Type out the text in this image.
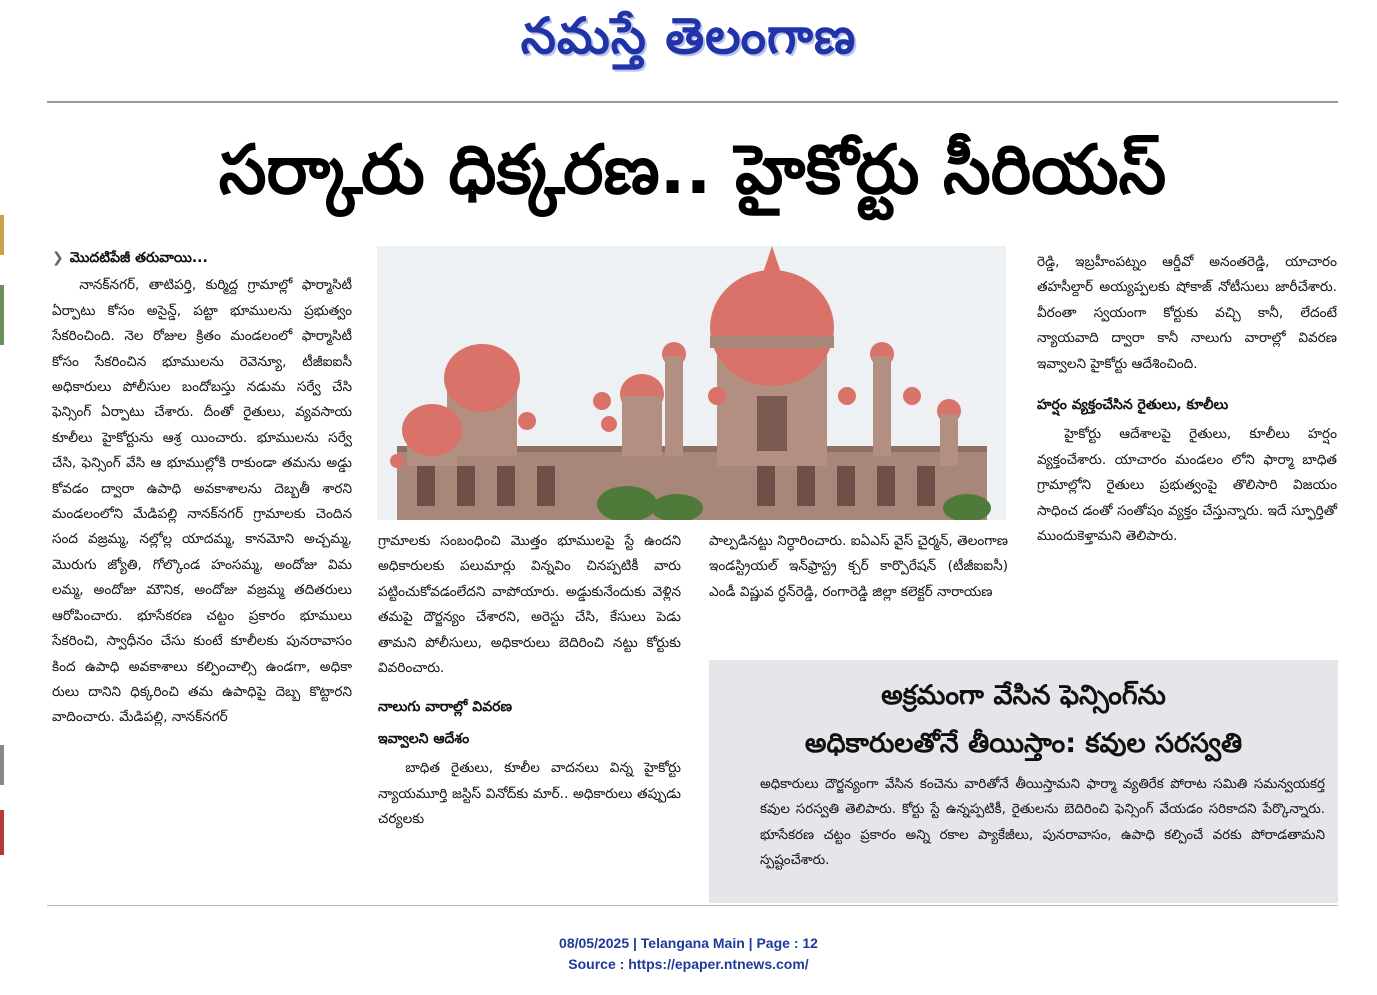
నమస్తే తెలంగాణ
సర్కారు ధిక్కరణ.. హైకోర్టు సీరియస్‌
❯ మొదటిపేజీ తరువాయి...

నానక్‌నగర్‌, తాటిపర్తి, కుర్మిద్ద గ్రామాల్లో ఫార్మాసిటీ ఏర్పాటు కోసం అసైన్డ్‌, పట్టా భూములను ప్రభుత్వం సేకరించింది. నెల రోజుల క్రితం మండలంలో ఫార్మాసిటీ కోసం సేకరించిన భూములను రెవెన్యూ, టీజీఐఐసీ అధికారులు పోలీసుల బందోబస్తు నడుమ సర్వే చేసి ఫెన్సింగ్‌ ఏర్పాటు చేశారు. దీంతో రైతులు, వ్యవసాయ కూలీలు హైకోర్టును ఆశ్ర యించారు. భూములను సర్వే చేసి, ఫెన్సింగ్‌ వేసి ఆ భూముల్లోకి రాకుండా తమను అడ్డు కోవడం ద్వారా ఉపాధి అవకాశాలను దెబ్బతీ శారని మండలంలోని మేడిపల్లి నానక్‌నగర్‌ గ్రామాలకు చెందిన సంద వజ్రమ్మ, నల్లోల్ల యాదమ్మ, కానమోని అచ్చమ్మ, మొరుగు జ్యోతి, గోల్కొండ హంసమ్మ, అందోజు విమ లమ్మ, అందోజు మౌనిక, అందోజు వజ్రమ్మ తదితరులు ఆరోపించారు. భూసేకరణ చట్టం ప్రకారం భూములు సేకరించి, స్వాధీనం చేసు కుంటే కూలీలకు పునరావాసం కింద ఉపాధి అవకాశాలు కల్పించాల్సి ఉండగా, అధికా రులు దానిని ధిక్కరించి తమ ఉపాధిపై దెబ్బ కొట్టారని వాదించారు. మేడిపల్లి, నానక్‌నగర్‌

గ్రామాలకు సంబంధించి మొత్తం భూములపై స్టే ఉందని అధికారులకు పలుమార్లు విన్నవిం చినప్పటికీ వారు పట్టించుకోవడంలేదని వాపోయారు. అడ్డుకునేందుకు వెళ్లిన తమపై దౌర్జన్యం చేశారని, అరెస్టు చేసి, కేసులు పెడు తామని పోలీసులు, అధికారులు బెదిరించి నట్టు కోర్టుకు వివరించారు.

నాలుగు వారాల్లో వివరణ
ఇవ్వాలని ఆదేశం

బాధిత రైతులు, కూలీల వాదనలు విన్న హైకోర్టు న్యాయమూర్తి జస్టిస్‌ వినోద్‌కు మార్‌.. అధికారులు తప్పుడు చర్యలకు

పాల్పడినట్టు నిర్ధారించారు. ఐఏఎస్‌ వైస్‌ చైర్మన్‌, తెలంగాణ ఇండస్ట్రియల్‌ ఇన్‌ఫ్రాస్ట్ర క్చర్‌ కార్పొరేషన్‌ (టీజీఐఐసీ) ఎండీ విష్ణువ ర్ధన్‌రెడ్డి, రంగారెడ్డి జిల్లా కలెక్టర్‌ నారాయణ

రెడ్డి, ఇబ్రహీంపట్నం ఆర్డీవో అనంతరెడ్డి, యాచారం తహసీల్దార్‌ అయ్యప్పలకు షోకాజ్‌ నోటీసులు జారీచేశారు. వీరంతా స్వయంగా కోర్టుకు వచ్చి కానీ, లేదంటే న్యాయవాది ద్వారా కానీ నాలుగు వారాల్లో వివరణ ఇవ్వాలని హైకోర్టు ఆదేశించింది.

హర్షం వ్యక్తంచేసిన రైతులు, కూలీలు

హైకోర్టు ఆదేశాలపై రైతులు, కూలీలు హర్షం వ్యక్తంచేశారు. యాచారం మండలం లోని ఫార్మా బాధిత గ్రామాల్లోని రైతులు ప్రభుత్వంపై తొలిసారి విజయం సాధించ డంతో సంతోషం వ్యక్తం చేస్తున్నారు. ఇదే స్ఫూర్తితో ముందుకెళ్తామని తెలిపారు.

అక్రమంగా వేసిన ఫెన్సింగ్‌ను
అధికారులతోనే తీయిస్తాం: కవుల సరస్వతి
అధికారులు దౌర్జన్యంగా వేసిన కంచెను వారితోనే తీయిస్తామని ఫార్మా వ్యతిరేక పోరాట సమితి సమన్వయకర్త కవుల సరస్వతి తెలిపారు. కోర్టు స్టే ఉన్నప్పటికీ, రైతులను బెదిరించి ఫెన్సింగ్‌ వేయడం సరికాదని పేర్కొన్నారు. భూసేకరణ చట్టం ప్రకారం అన్ని రకాల ప్యాకేజీలు, పునరావాసం, ఉపాధి కల్పించే వరకు పోరాడతామని స్పష్టంచేశారు.
08/05/2025 | Telangana Main | Page : 12
Source : https://epaper.ntnews.com/
